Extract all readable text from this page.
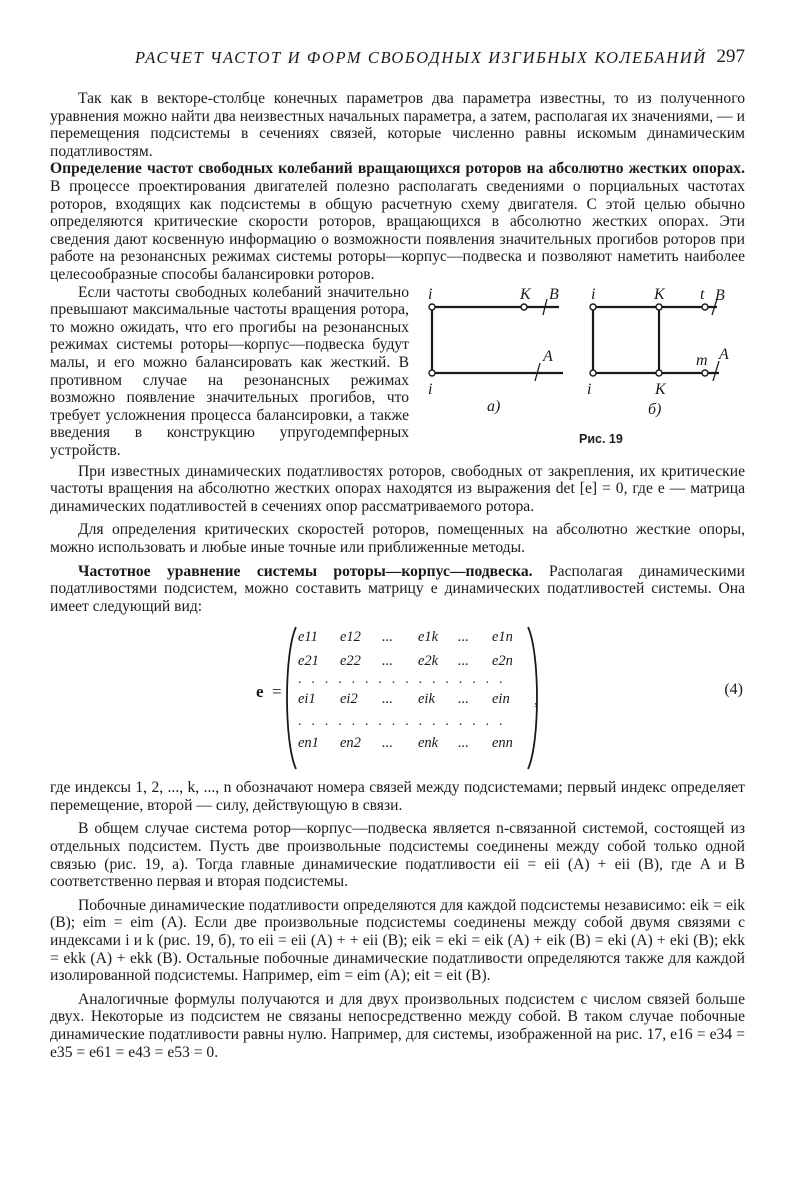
РАСЧЕТ ЧАСТОТ И ФОРМ СВОБОДНЫХ ИЗГИБНЫХ КОЛЕБАНИЙ 297

Так как в векторе-столбце конечных параметров два параметра известны, то из полученного уравнения можно найти два неизвестных начальных параметра, а затем, располагая их значениями, — и перемещения подсистемы в сечениях связей, которые численно равны искомым динамическим податливостям.

Определение частот свободных колебаний вращающихся роторов на абсолютно жестких опорах. В процессе проектирования двигателей полезно располагать сведениями о порциальных частотах роторов, входящих как подсистемы в общую расчетную схему двигателя. С этой целью обычно определяются критические скорости роторов, вращающихся в абсолютно жестких опорах. Эти сведения дают косвенную информацию о возможности появления значительных прогибов роторов при работе на резонансных режимах системы роторы—корпус—подвеска и позволяют наметить наиболее целесообразные способы балансировки роторов.

i	K B
A
i
а)
i	K t B
m A
i	K
б)
Рис. 19
Если частоты свободных колебаний значительно превышают максимальные частоты вращения ротора, то можно ожидать, что его прогибы на резонансных режимах системы роторы—корпус—подвеска будут малы, и его можно балансировать как жесткий. В противном случае на резонансных режимах возможно появление значительных прогибов, что требует усложнения процесса балансировки, а также введения в конструкцию упругодемпферных устройств.

При известных динамических податливостях роторов, свободных от закрепления, их критические частоты вращения на абсолютно жестких опорах находятся из выражения det [e] = 0, где e — матрица динамических податливостей в сечениях опор рассматриваемого ротора.

Для определения критических скоростей роторов, помещенных на абсолютно жесткие опоры, можно использовать и любые иные точные или приближенные методы.

Частотное уравнение системы роторы—корпус—подвеска. Располагая динамическими податливостями подсистем, можно составить матрицу e динамических податливостей системы. Она имеет следующий вид:

e =
e11 e12 ... e1k ... e1n
e21 e22 ... e2k ... e2n
. . . . . . . . . . . . . . . .
ei1 ei2 ... eik ... ein
. . . . . . . . . . . . . . . .
en1 en2 ... enk ... enn
,
(4)

где индексы 1, 2, ..., k, ..., n обозначают номера связей между подсистемами; первый индекс определяет перемещение, второй — силу, действующую в связи.

В общем случае система ротор—корпус—подвеска является n-связанной системой, состоящей из отдельных подсистем. Пусть две произвольные подсистемы соединены между собой только одной связью (рис. 19, а). Тогда главные динамические податливости eii = eii (A) + eii (B), где A и B соответственно первая и вторая подсистемы.

Побочные динамические податливости определяются для каждой подсистемы независимо: eik = eik (B); eim = eim (A). Если две произвольные подсистемы соединены между собой двумя связями с индексами i и k (рис. 19, б), то eii = eii (A) + + eii (B); eik = eki = eik (A) + eik (B) = eki (A) + eki (B); ekk = ekk (A) + ekk (B). Остальные побочные динамические податливости определяются также для каждой изолированной подсистемы. Например, eim = eim (A); eit = eit (B).

Аналогичные формулы получаются и для двух произвольных подсистем с числом связей больше двух. Некоторые из подсистем не связаны непосредственно между собой. В таком случае побочные динамические податливости равны нулю. Например, для системы, изображенной на рис. 17, e16 = e34 = e35 = e61 = e43 = e53 = 0.
